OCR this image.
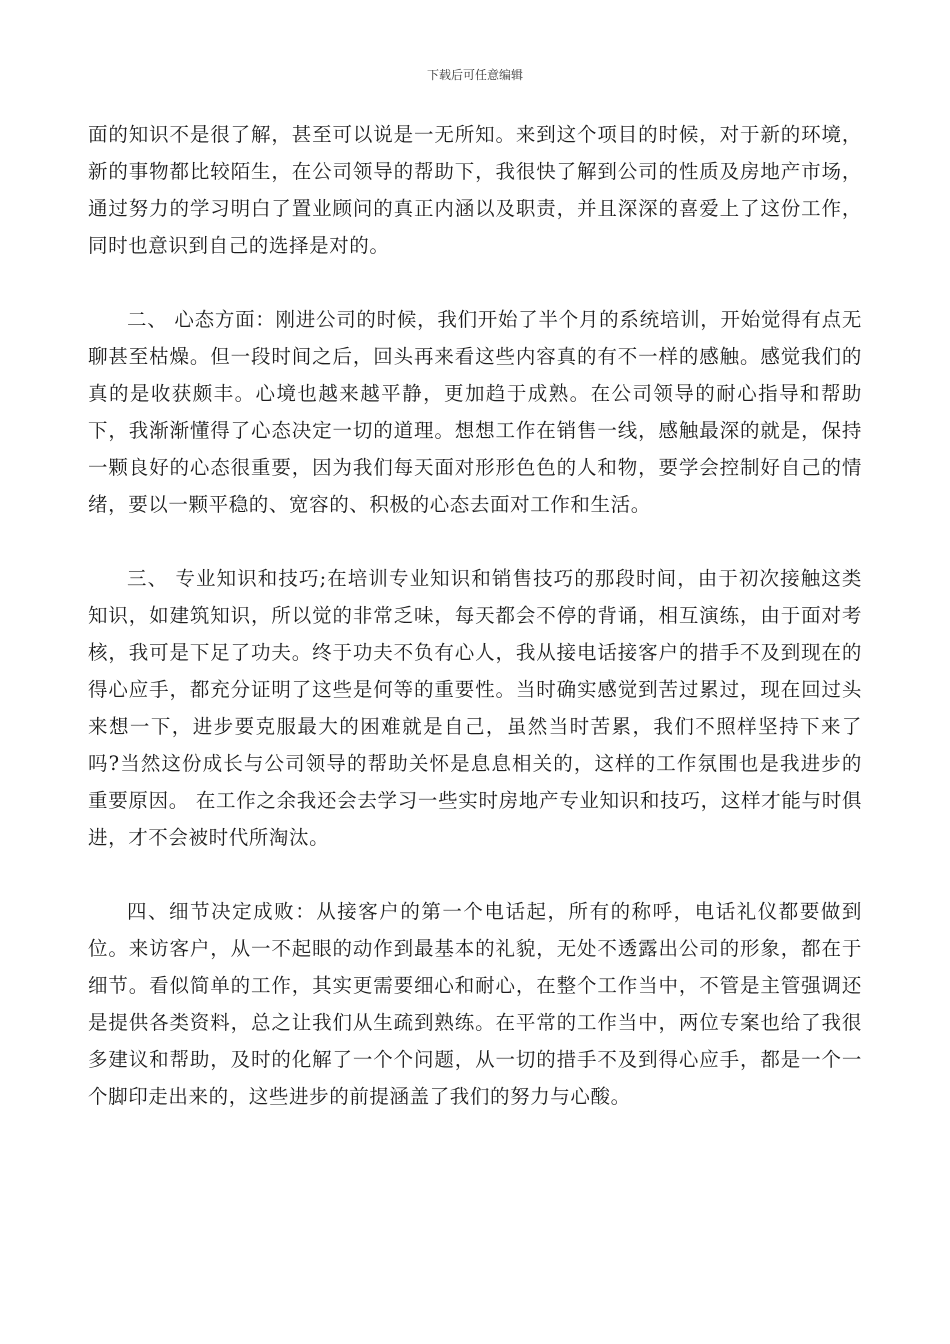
下载后可任意编辑

面的知识不是很了解，甚至可以说是一无所知。来到这个项目的时候，对于新的环境，新的事物都比较陌生，在公司领导的帮助下，我很快了解到公司的性质及房地产市场，通过努力的学习明白了置业顾问的真正内涵以及职责，并且深深的喜爱上了这份工作，同时也意识到自己的选择是对的。

二、 心态方面：刚进公司的时候，我们开始了半个月的系统培训，开始觉得有点无聊甚至枯燥。但一段时间之后，回头再来看这些内容真的有不一样的感触。感觉我们的真的是收获颇丰。心境也越来越平静，更加趋于成熟。在公司领导的耐心指导和帮助下，我渐渐懂得了心态决定一切的道理。想想工作在销售一线，感触最深的就是，保持一颗良好的心态很重要，因为我们每天面对形形色色的人和物，要学会控制好自己的情绪，要以一颗平稳的、宽容的、积极的心态去面对工作和生活。

三、 专业知识和技巧;在培训专业知识和销售技巧的那段时间，由于初次接触这类知识，如建筑知识，所以觉的非常乏味，每天都会不停的背诵，相互演练，由于面对考核，我可是下足了功夫。终于功夫不负有心人，我从接电话接客户的措手不及到现在的得心应手，都充分证明了这些是何等的重要性。当时确实感觉到苦过累过，现在回过头来想一下，进步要克服最大的困难就是自己，虽然当时苦累，我们不照样坚持下来了吗?当然这份成长与公司领导的帮助关怀是息息相关的，这样的工作氛围也是我进步的重要原因。 在工作之余我还会去学习一些实时房地产专业知识和技巧，这样才能与时俱进，才不会被时代所淘汰。

四、细节决定成败：从接客户的第一个电话起，所有的称呼，电话礼仪都要做到位。来访客户，从一不起眼的动作到最基本的礼貌，无处不透露出公司的形象，都在于细节。看似简单的工作，其实更需要细心和耐心，在整个工作当中，不管是主管强调还是提供各类资料，总之让我们从生疏到熟练。在平常的工作当中，两位专案也给了我很多建议和帮助，及时的化解了一个个问题，从一切的措手不及到得心应手，都是一个一个脚印走出来的，这些进步的前提涵盖了我们的努力与心酸。
